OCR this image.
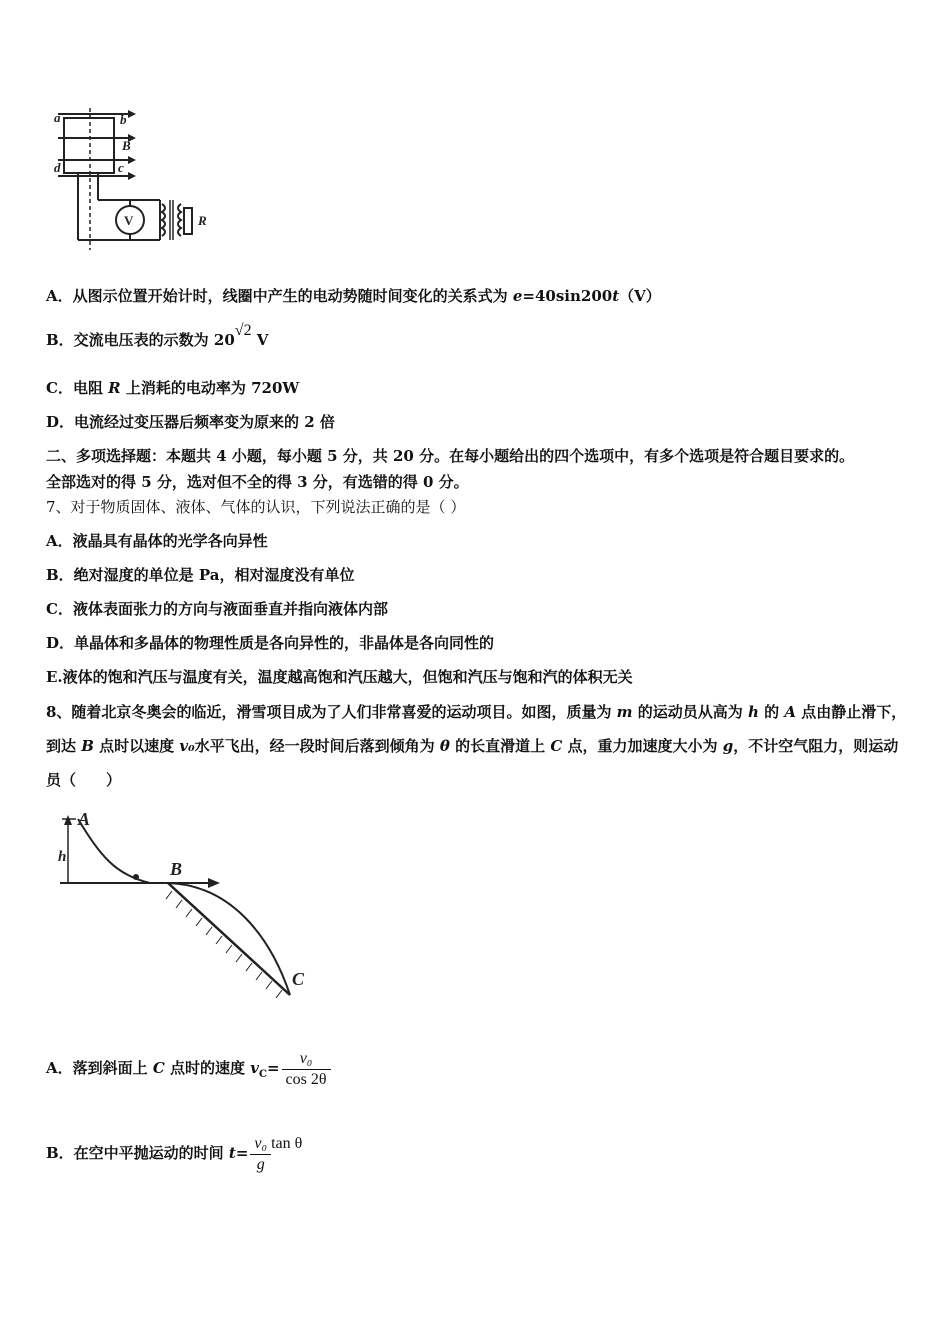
a	b
B
d	c
V	R
A．从图示位置开始计时，线圈中产生的电动势随时间变化的关系式为 e=40sin200t（V）
B．交流电压表的示数为 20√2 V
C．电阻 R 上消耗的电动率为 720W
D．电流经过变压器后频率变为原来的 2 倍
二、多项选择题：本题共 4 小题，每小题 5 分，共 20 分。在每小题给出的四个选项中，有多个选项是符合题目要求的。
全部选对的得 5 分，选对但不全的得 3 分，有选错的得 0 分。
7、对于物质固体、液体、气体的认识，下列说法正确的是（ ）
A．液晶具有晶体的光学各向异性
B．绝对湿度的单位是 Pa，相对湿度没有单位
C．液体表面张力的方向与液面垂直并指向液体内部
D．单晶体和多晶体的物理性质是各向异性的，非晶体是各向同性的
E.液体的饱和汽压与温度有关，温度越高饱和汽压越大，但饱和汽压与饱和汽的体积无关
8、随着北京冬奥会的临近，滑雪项目成为了人们非常喜爱的运动项目。如图，质量为 m 的运动员从高为 h 的 A 点由静止滑下，到达 B 点时以速度 v₀水平飞出，经一段时间后落到倾角为 θ 的长直滑道上 C 点，重力加速度大小为 g，不计空气阻力，则运动员（　　）
A
h
B
C
A．落到斜面上 C 点时的速度 $v_C= \frac{\text{v₀}}{\cos 2\theta}$
B．在空中平抛运动的时间 $t= \frac{\text{v₀}}{g}$ tan θ
